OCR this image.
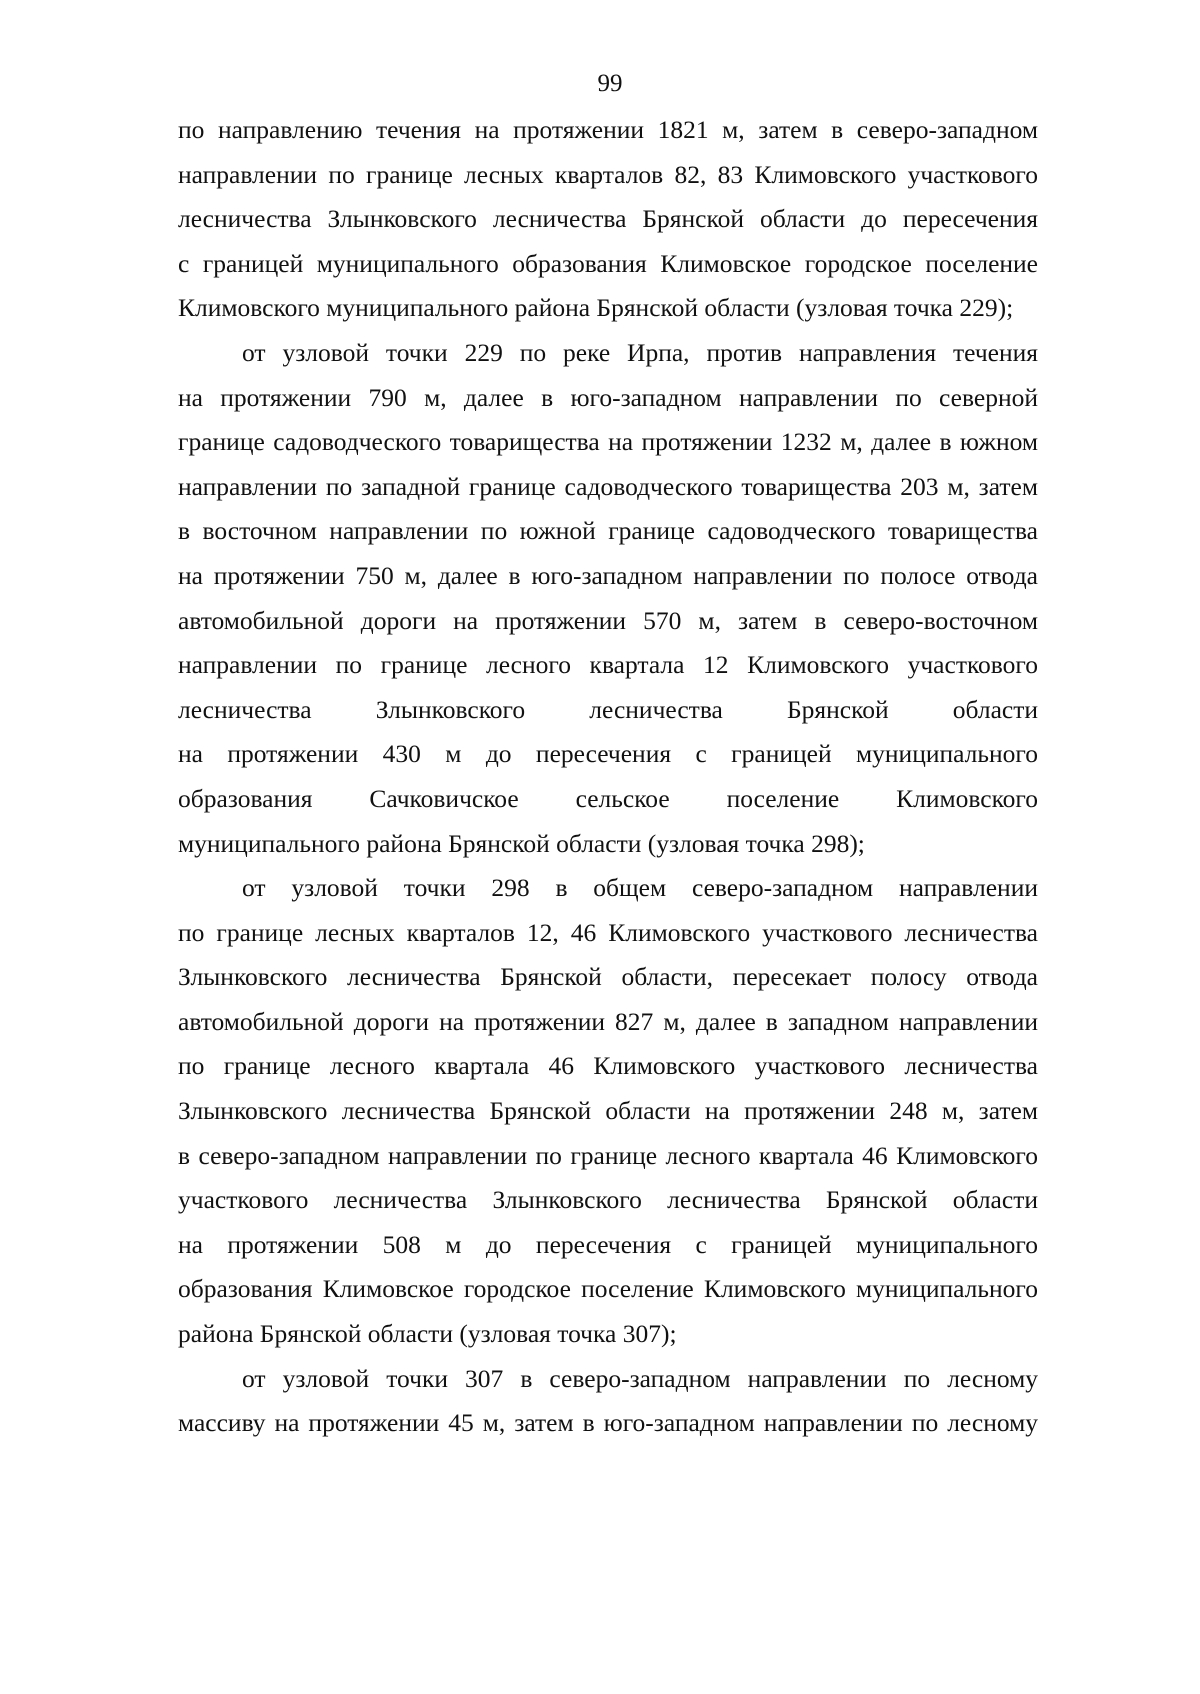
99
по направлению течения на протяжении 1821 м, затем в северо-западном
направлении по границе лесных кварталов 82, 83 Климовского участкового
лесничества Злынковского лесничества Брянской области до пересечения
с границей муниципального образования Климовское городское поселение
Климовского муниципального района Брянской области (узловая точка 229);
от узловой точки 229 по реке Ирпа, против направления течения
на протяжении 790 м, далее в юго-западном направлении по северной
границе садоводческого товарищества на протяжении 1232 м, далее в южном
направлении по западной границе садоводческого товарищества 203 м, затем
в восточном направлении по южной границе садоводческого товарищества
на протяжении 750 м, далее в юго-западном направлении по полосе отвода
автомобильной дороги на протяжении 570 м, затем в северо-восточном
направлении по границе лесного квартала 12 Климовского участкового
лесничества Злынковского лесничества Брянской области
на протяжении 430 м до пересечения с границей муниципального
образования Сачковичское сельское поселение Климовского
муниципального района Брянской области (узловая точка 298);
от узловой точки 298 в общем северо-западном направлении
по границе лесных кварталов 12, 46 Климовского участкового лесничества
Злынковского лесничества Брянской области, пересекает полосу отвода
автомобильной дороги на протяжении 827 м, далее в западном направлении
по границе лесного квартала 46 Климовского участкового лесничества
Злынковского лесничества Брянской области на протяжении 248 м, затем
в северо-западном направлении по границе лесного квартала 46 Климовского
участкового лесничества Злынковского лесничества Брянской области
на протяжении 508 м до пересечения с границей муниципального
образования Климовское городское поселение Климовского муниципального
района Брянской области (узловая точка 307);
от узловой точки 307 в северо-западном направлении по лесному
массиву на протяжении 45 м, затем в юго-западном направлении по лесному
